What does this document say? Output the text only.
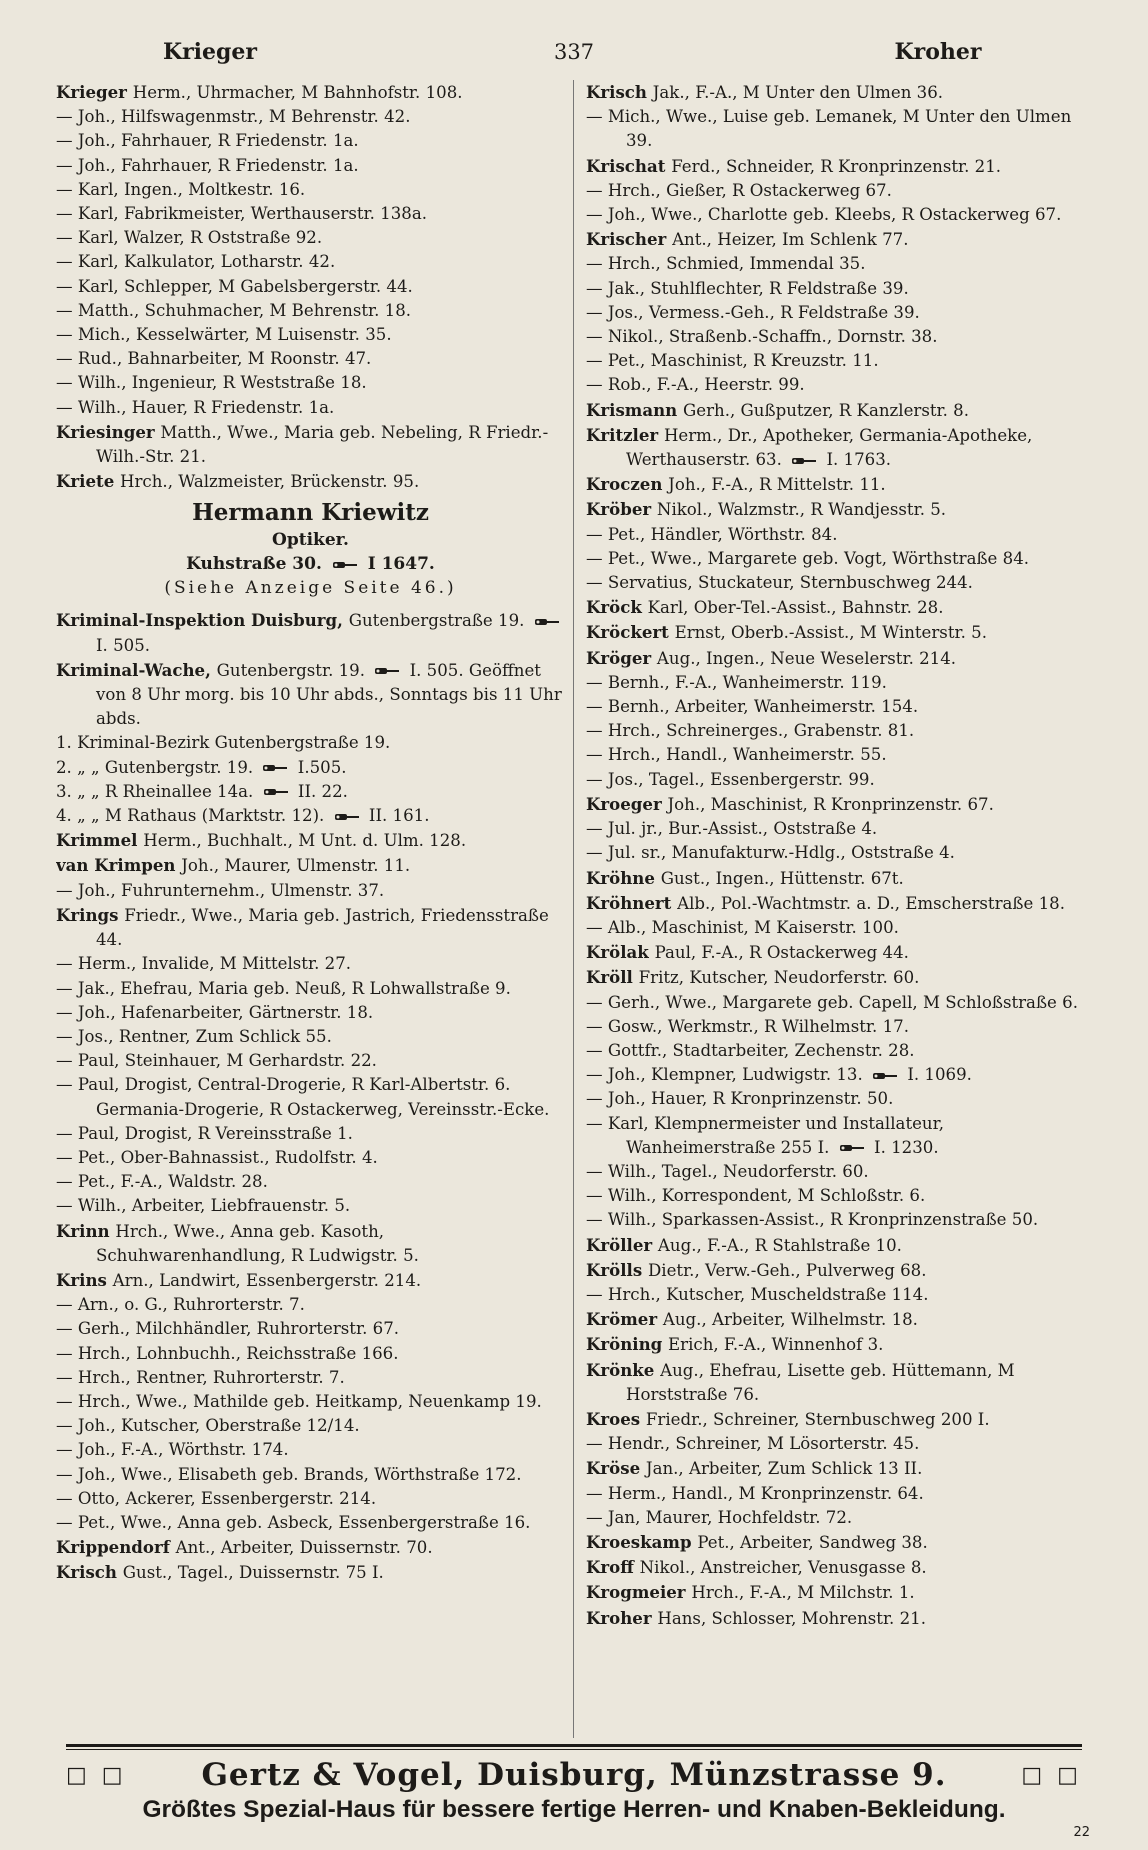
Krieger	337	Kroher
Krieger Herm., Uhrmacher, M Bahnhofstr. 108.
— Joh., Hilfswagenmstr., M Behrenstr. 42.
— Joh., Fahrhauer, R Friedenstr. 1a.
— Joh., Fahrhauer, R Friedenstr. 1a.
— Karl, Ingen., Moltkestr. 16.
— Karl, Fabrikmeister, Werthauserstr. 138a.
— Karl, Walzer, R Oststraße 92.
— Karl, Kalkulator, Lotharstr. 42.
— Karl, Schlepper, M Gabelsbergerstr. 44.
— Matth., Schuhmacher, M Behrenstr. 18.
— Mich., Kesselwärter, M Luisenstr. 35.
— Rud., Bahnarbeiter, M Roonstr. 47.
— Wilh., Ingenieur, R Weststraße 18.
— Wilh., Hauer, R Friedenstr. 1a.
Kriesinger Matth., Wwe., Maria geb. Nebeling, R Friedr.-Wilh.-Str. 21.
Kriete Hrch., Walzmeister, Brückenstr. 95.
Hermann Kriewitz
Optiker.
Kuhstraße 30.  I 1647.
(Siehe Anzeige Seite 46.)
Kriminal-Inspektion Duisburg, Gutenbergstraße 19.  I. 505.
Kriminal-Wache, Gutenbergstr. 19.  I. 505. Geöffnet von 8 Uhr morg. bis 10 Uhr abds., Sonntags bis 11 Uhr abds.
1. Kriminal-Bezirk Gutenbergstraße 19.
2. „ „ Gutenbergstr. 19.  I.505.
3. „ „ R Rheinallee 14a.  II. 22.
4. „ „ M Rathaus (Marktstr. 12).  II. 161.
Krimmel Herm., Buchhalt., M Unt. d. Ulm. 128.
van Krimpen Joh., Maurer, Ulmenstr. 11.
— Joh., Fuhrunternehm., Ulmenstr. 37.
Krings Friedr., Wwe., Maria geb. Jastrich, Friedensstraße 44.
— Herm., Invalide, M Mittelstr. 27.
— Jak., Ehefrau, Maria geb. Neuß, R Lohwallstraße 9.
— Joh., Hafenarbeiter, Gärtnerstr. 18.
— Jos., Rentner, Zum Schlick 55.
— Paul, Steinhauer, M Gerhardstr. 22.
— Paul, Drogist, Central-Drogerie, R Karl-Albertstr. 6. Germania-Drogerie, R Ostackerweg, Vereinsstr.-Ecke.
— Paul, Drogist, R Vereinsstraße 1.
— Pet., Ober-Bahnassist., Rudolfstr. 4.
— Pet., F.-A., Waldstr. 28.
— Wilh., Arbeiter, Liebfrauenstr. 5.
Krinn Hrch., Wwe., Anna geb. Kasoth, Schuhwarenhandlung, R Ludwigstr. 5.
Krins Arn., Landwirt, Essenbergerstr. 214.
— Arn., o. G., Ruhrorterstr. 7.
— Gerh., Milchhändler, Ruhrorterstr. 67.
— Hrch., Lohnbuchh., Reichsstraße 166.
— Hrch., Rentner, Ruhrorterstr. 7.
— Hrch., Wwe., Mathilde geb. Heitkamp, Neuenkamp 19.
— Joh., Kutscher, Oberstraße 12/14.
— Joh., F.-A., Wörthstr. 174.
— Joh., Wwe., Elisabeth geb. Brands, Wörthstraße 172.
— Otto, Ackerer, Essenbergerstr. 214.
— Pet., Wwe., Anna geb. Asbeck, Essenbergerstraße 16.
Krippendorf Ant., Arbeiter, Duissernstr. 70.
Krisch Gust., Tagel., Duissernstr. 75 I.
Krisch Jak., F.-A., M Unter den Ulmen 36.
— Mich., Wwe., Luise geb. Lemanek, M Unter den Ulmen 39.
Krischat Ferd., Schneider, R Kronprinzenstr. 21.
— Hrch., Gießer, R Ostackerweg 67.
— Joh., Wwe., Charlotte geb. Kleebs, R Ostackerweg 67.
Krischer Ant., Heizer, Im Schlenk 77.
— Hrch., Schmied, Immendal 35.
— Jak., Stuhlflechter, R Feldstraße 39.
— Jos., Vermess.-Geh., R Feldstraße 39.
— Nikol., Straßenb.-Schaffn., Dornstr. 38.
— Pet., Maschinist, R Kreuzstr. 11.
— Rob., F.-A., Heerstr. 99.
Krismann Gerh., Gußputzer, R Kanzlerstr. 8.
Kritzler Herm., Dr., Apotheker, Germania-Apotheke, Werthauserstr. 63.  I. 1763.
Kroczen Joh., F.-A., R Mittelstr. 11.
Kröber Nikol., Walzmstr., R Wandjesstr. 5.
— Pet., Händler, Wörthstr. 84.
— Pet., Wwe., Margarete geb. Vogt, Wörthstraße 84.
— Servatius, Stuckateur, Sternbuschweg 244.
Kröck Karl, Ober-Tel.-Assist., Bahnstr. 28.
Kröckert Ernst, Oberb.-Assist., M Winterstr. 5.
Kröger Aug., Ingen., Neue Weselerstr. 214.
— Bernh., F.-A., Wanheimerstr. 119.
— Bernh., Arbeiter, Wanheimerstr. 154.
— Hrch., Schreinerges., Grabenstr. 81.
— Hrch., Handl., Wanheimerstr. 55.
— Jos., Tagel., Essenbergerstr. 99.
Kroeger Joh., Maschinist, R Kronprinzenstr. 67.
— Jul. jr., Bur.-Assist., Oststraße 4.
— Jul. sr., Manufakturw.-Hdlg., Oststraße 4.
Kröhne Gust., Ingen., Hüttenstr. 67t.
Kröhnert Alb., Pol.-Wachtmstr. a. D., Emscherstraße 18.
— Alb., Maschinist, M Kaiserstr. 100.
Krölak Paul, F.-A., R Ostackerweg 44.
Kröll Fritz, Kutscher, Neudorferstr. 60.
— Gerh., Wwe., Margarete geb. Capell, M Schloßstraße 6.
— Gosw., Werkmstr., R Wilhelmstr. 17.
— Gottfr., Stadtarbeiter, Zechenstr. 28.
— Joh., Klempner, Ludwigstr. 13.  I. 1069.
— Joh., Hauer, R Kronprinzenstr. 50.
— Karl, Klempnermeister und Installateur, Wanheimerstraße 255 I.  I. 1230.
— Wilh., Tagel., Neudorferstr. 60.
— Wilh., Korrespondent, M Schloßstr. 6.
— Wilh., Sparkassen-Assist., R Kronprinzenstraße 50.
Kröller Aug., F.-A., R Stahlstraße 10.
Krölls Dietr., Verw.-Geh., Pulverweg 68.
— Hrch., Kutscher, Muscheldstraße 114.
Krömer Aug., Arbeiter, Wilhelmstr. 18.
Kröning Erich, F.-A., Winnenhof 3.
Krönke Aug., Ehefrau, Lisette geb. Hüttemann, M Horststraße 76.
Kroes Friedr., Schreiner, Sternbuschweg 200 I.
— Hendr., Schreiner, M Lösorterstr. 45.
Kröse Jan., Arbeiter, Zum Schlick 13 II.
— Herm., Handl., M Kronprinzenstr. 64.
— Jan, Maurer, Hochfeldstr. 72.
Kroeskamp Pet., Arbeiter, Sandweg 38.
Kroff Nikol., Anstreicher, Venusgasse 8.
Krogmeier Hrch., F.-A., M Milchstr. 1.
Kroher Hans, Schlosser, Mohrenstr. 21.
□ □ Gertz & Vogel, Duisburg, Münzstrasse 9.	□ □
Größtes Spezial-Haus für bessere fertige Herren- und Knaben-Bekleidung.
22
